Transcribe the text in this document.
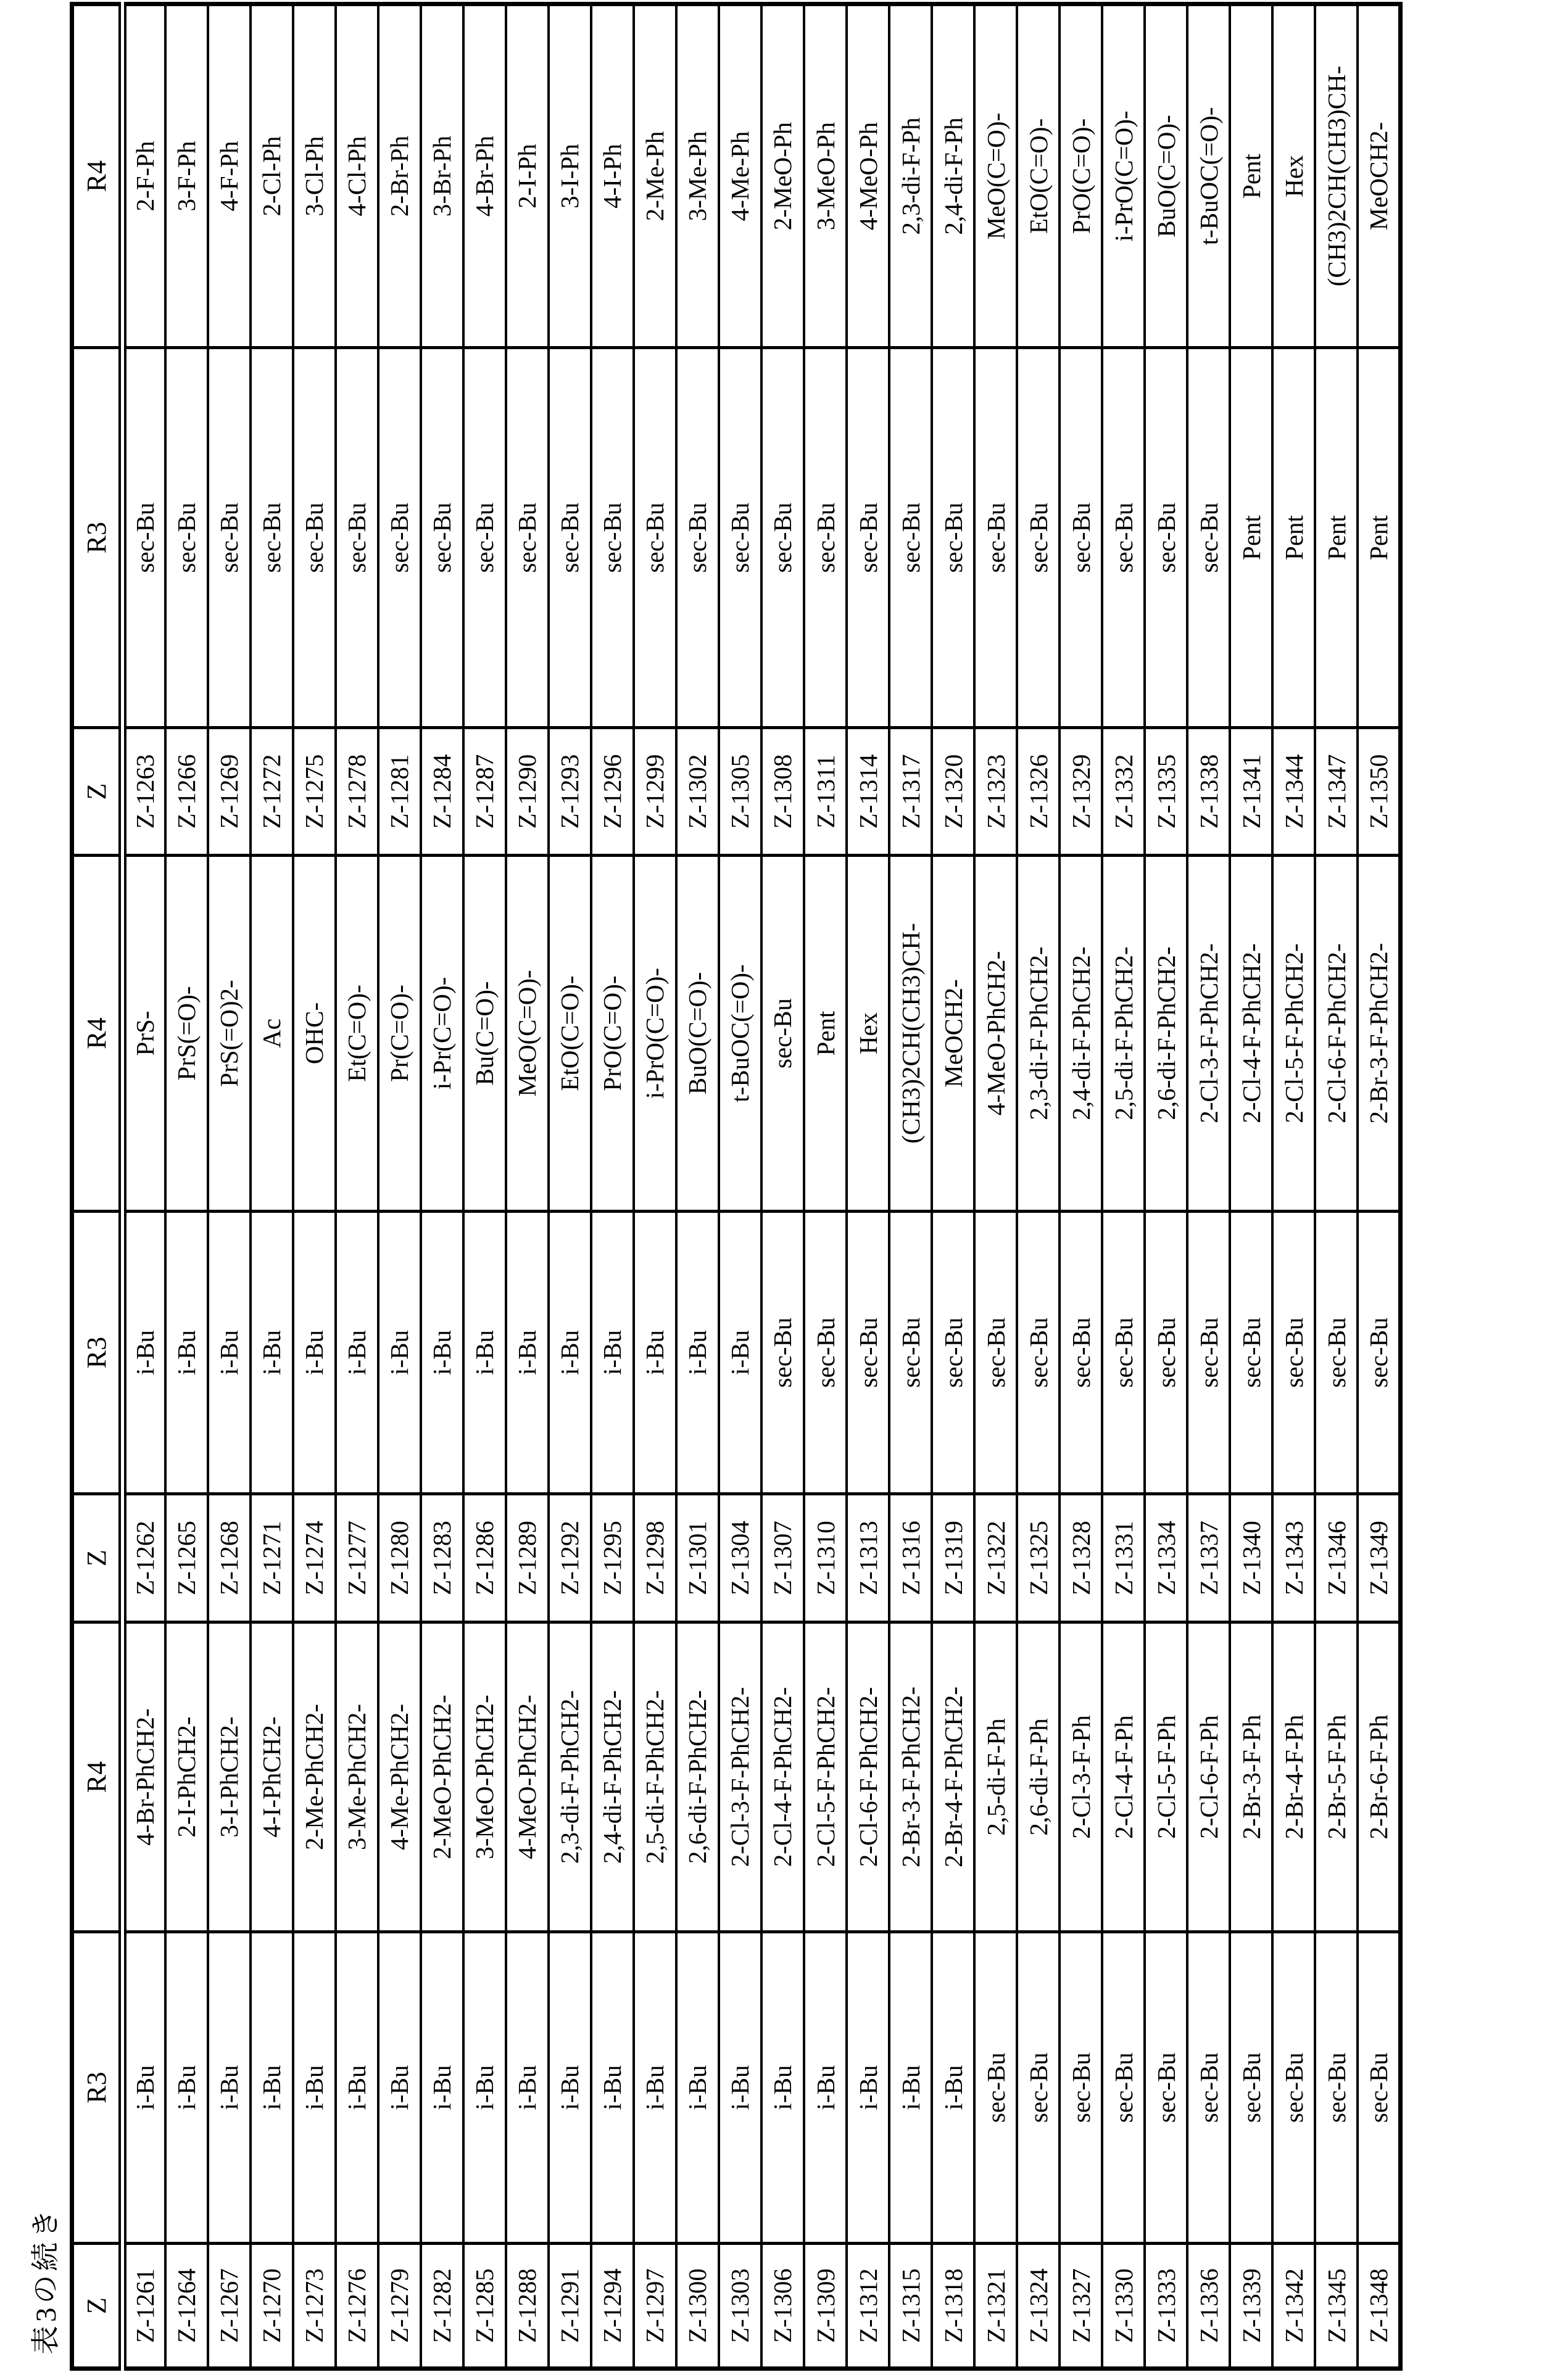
表3の続き Z	R3	R4	Z	R3	R4	Z	R3	R4
Z-1261	i-Bu	4-Br-PhCH2-	Z-1262	i-Bu	PrS-	Z-1263	sec-Bu	2-F-Ph
Z-1264	i-Bu	2-I-PhCH2-	Z-1265	i-Bu	PrS(=O)-	Z-1266	sec-Bu	3-F-Ph
Z-1267	i-Bu	3-I-PhCH2-	Z-1268	i-Bu	PrS(=O)2-	Z-1269	sec-Bu	4-F-Ph
Z-1270	i-Bu	4-I-PhCH2-	Z-1271	i-Bu	Ac	Z-1272	sec-Bu	2-Cl-Ph
Z-1273	i-Bu	2-Me-PhCH2-	Z-1274	i-Bu	OHC-	Z-1275	sec-Bu	3-Cl-Ph
Z-1276	i-Bu	3-Me-PhCH2-	Z-1277	i-Bu	Et(C=O)-	Z-1278	sec-Bu	4-Cl-Ph
Z-1279	i-Bu	4-Me-PhCH2-	Z-1280	i-Bu	Pr(C=O)-	Z-1281	sec-Bu	2-Br-Ph
Z-1282	i-Bu	2-MeO-PhCH2-	Z-1283	i-Bu	i-Pr(C=O)-	Z-1284	sec-Bu	3-Br-Ph
Z-1285	i-Bu	3-MeO-PhCH2-	Z-1286	i-Bu	Bu(C=O)-	Z-1287	sec-Bu	4-Br-Ph
Z-1288	i-Bu	4-MeO-PhCH2-	Z-1289	i-Bu	MeO(C=O)-	Z-1290	sec-Bu	2-I-Ph
Z-1291	i-Bu	2,3-di-F-PhCH2-	Z-1292	i-Bu	EtO(C=O)-	Z-1293	sec-Bu	3-I-Ph
Z-1294	i-Bu	2,4-di-F-PhCH2-	Z-1295	i-Bu	PrO(C=O)-	Z-1296	sec-Bu	4-I-Ph
Z-1297	i-Bu	2,5-di-F-PhCH2-	Z-1298	i-Bu	i-PrO(C=O)-	Z-1299	sec-Bu	2-Me-Ph
Z-1300	i-Bu	2,6-di-F-PhCH2-	Z-1301	i-Bu	BuO(C=O)-	Z-1302	sec-Bu	3-Me-Ph
Z-1303	i-Bu	2-Cl-3-F-PhCH2-	Z-1304	i-Bu	t-BuOC(=O)-	Z-1305	sec-Bu	4-Me-Ph
Z-1306	i-Bu	2-Cl-4-F-PhCH2-	Z-1307	sec-Bu	sec-Bu	Z-1308	sec-Bu	2-MeO-Ph
Z-1309	i-Bu	2-Cl-5-F-PhCH2-	Z-1310	sec-Bu	Pent	Z-1311	sec-Bu	3-MeO-Ph
Z-1312	i-Bu	2-Cl-6-F-PhCH2-	Z-1313	sec-Bu	Hex	Z-1314	sec-Bu	4-MeO-Ph
Z-1315	i-Bu	2-Br-3-F-PhCH2-	Z-1316	sec-Bu	(CH3)2CH(CH3)CH-	Z-1317	sec-Bu	2,3-di-F-Ph
Z-1318	i-Bu	2-Br-4-F-PhCH2-	Z-1319	sec-Bu	MeOCH2-	Z-1320	sec-Bu	2,4-di-F-Ph
Z-1321	sec-Bu	2,5-di-F-Ph	Z-1322	sec-Bu	4-MeO-PhCH2-	Z-1323	sec-Bu	MeO(C=O)-
Z-1324	sec-Bu	2,6-di-F-Ph	Z-1325	sec-Bu	2,3-di-F-PhCH2-	Z-1326	sec-Bu	EtO(C=O)-
Z-1327	sec-Bu	2-Cl-3-F-Ph	Z-1328	sec-Bu	2,4-di-F-PhCH2-	Z-1329	sec-Bu	PrO(C=O)-
Z-1330	sec-Bu	2-Cl-4-F-Ph	Z-1331	sec-Bu	2,5-di-F-PhCH2-	Z-1332	sec-Bu	i-PrO(C=O)-
Z-1333	sec-Bu	2-Cl-5-F-Ph	Z-1334	sec-Bu	2,6-di-F-PhCH2-	Z-1335	sec-Bu	BuO(C=O)-
Z-1336	sec-Bu	2-Cl-6-F-Ph	Z-1337	sec-Bu	2-Cl-3-F-PhCH2-	Z-1338	sec-Bu	t-BuOC(=O)-
Z-1339	sec-Bu	2-Br-3-F-Ph	Z-1340	sec-Bu	2-Cl-4-F-PhCH2-	Z-1341	Pent	Pent
Z-1342	sec-Bu	2-Br-4-F-Ph	Z-1343	sec-Bu	2-Cl-5-F-PhCH2-	Z-1344	Pent	Hex
Z-1345	sec-Bu	2-Br-5-F-Ph	Z-1346	sec-Bu	2-Cl-6-F-PhCH2-	Z-1347	Pent	(CH3)2CH(CH3)CH-
Z-1348	sec-Bu	2-Br-6-F-Ph	Z-1349	sec-Bu	2-Br-3-F-PhCH2-	Z-1350	Pent	MeOCH2-
